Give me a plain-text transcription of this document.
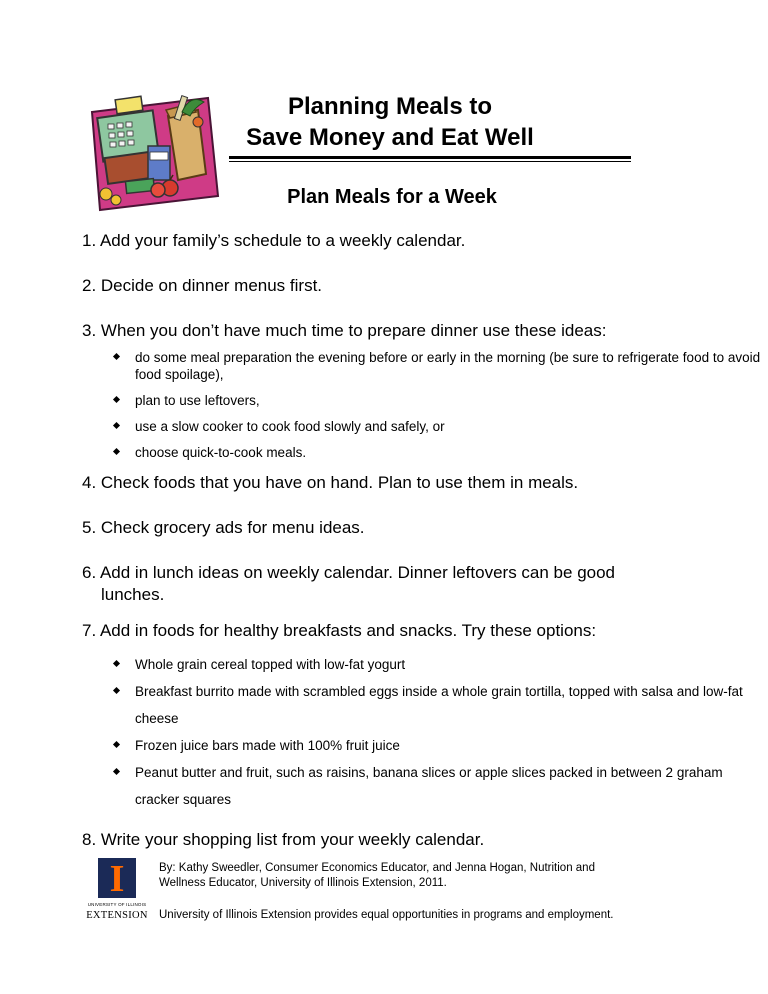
Planning Meals to
Save Money and Eat Well
Plan Meals for a Week

1. Add your family’s schedule to a weekly calendar.

2. Decide on dinner menus first.

3. When you don’t have much time to prepare dinner use these ideas:

do some meal preparation the evening before or early in the morning (be sure to refrigerate food to avoid food spoilage),
plan to use leftovers,
use a slow cooker to cook food slowly and safely, or
choose quick-to-cook meals.

4. Check foods that you have on hand. Plan to use them in meals.

5. Check grocery ads for menu ideas.

6. Add in lunch ideas on weekly calendar. Dinner leftovers can be good
lunches.

7. Add in foods for healthy breakfasts and snacks. Try these options:

Whole grain cereal topped with low-fat yogurt
Breakfast burrito made with scrambled eggs inside a whole grain tortilla, topped with salsa and low-fat cheese
Frozen juice bars made with 100% fruit juice
Peanut butter and fruit, such as raisins, banana slices or apple slices packed in between 2 graham cracker squares

8. Write your shopping list from your weekly calendar.

I
UNIVERSITY OF ILLINOIS
EXTENSION

By: Kathy Sweedler, Consumer Economics Educator, and Jenna Hogan, Nutrition and Wellness Educator, University of Illinois Extension, 2011.

University of Illinois Extension provides equal opportunities in programs and employment.
